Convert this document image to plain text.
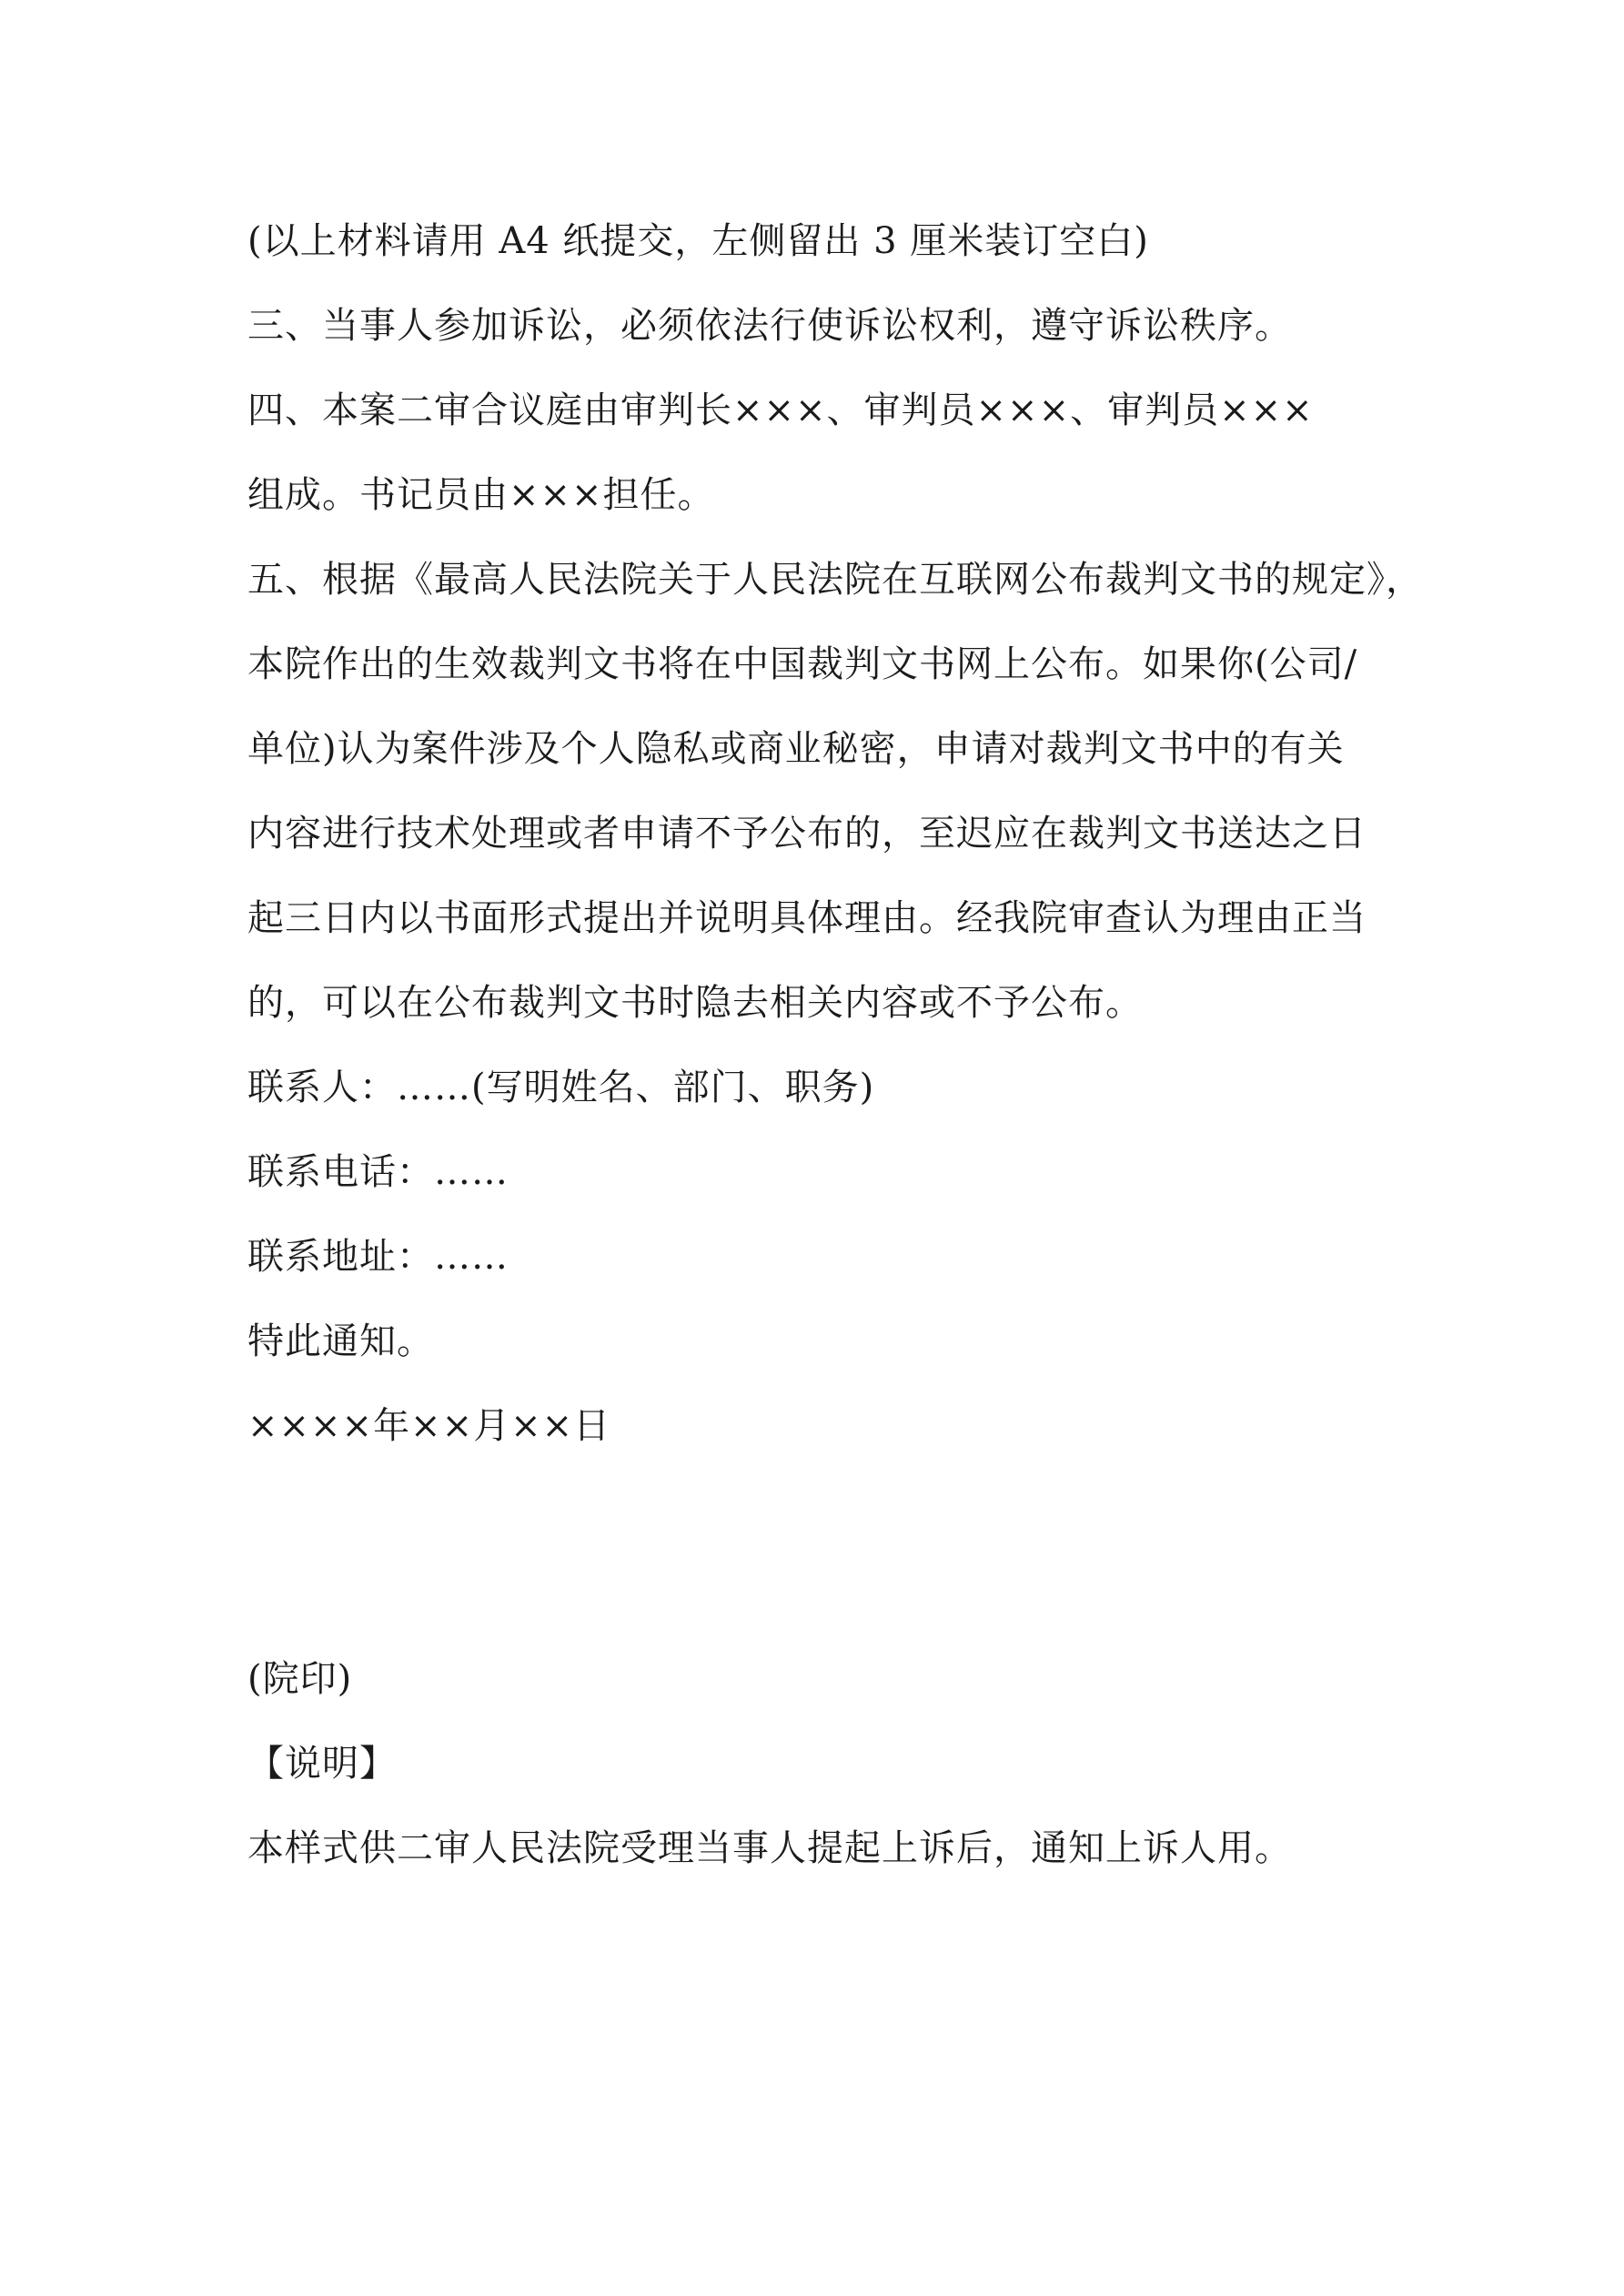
(以上材料请用 A4 纸提交，左侧留出 3 厘米装订空白)
三、当事人参加诉讼，必须依法行使诉讼权利，遵守诉讼秩序。
四、本案二审合议庭由审判长×××、审判员×××、审判员×××
组成。书记员由×××担任。
五、根据《最高人民法院关于人民法院在互联网公布裁判文书的规定》，
本院作出的生效裁判文书将在中国裁判文书网上公布。如果你(公司/
单位)认为案件涉及个人隐私或商业秘密，申请对裁判文书中的有关
内容进行技术处理或者申请不予公布的，至迟应在裁判文书送达之日
起三日内以书面形式提出并说明具体理由。经我院审查认为理由正当
的，可以在公布裁判文书时隐去相关内容或不予公布。
联系人：……(写明姓名、部门、职务)
联系电话：……
联系地址：……
特此通知。
××××年××月××日
(院印)
【说明】
本样式供二审人民法院受理当事人提起上诉后，通知上诉人用。
